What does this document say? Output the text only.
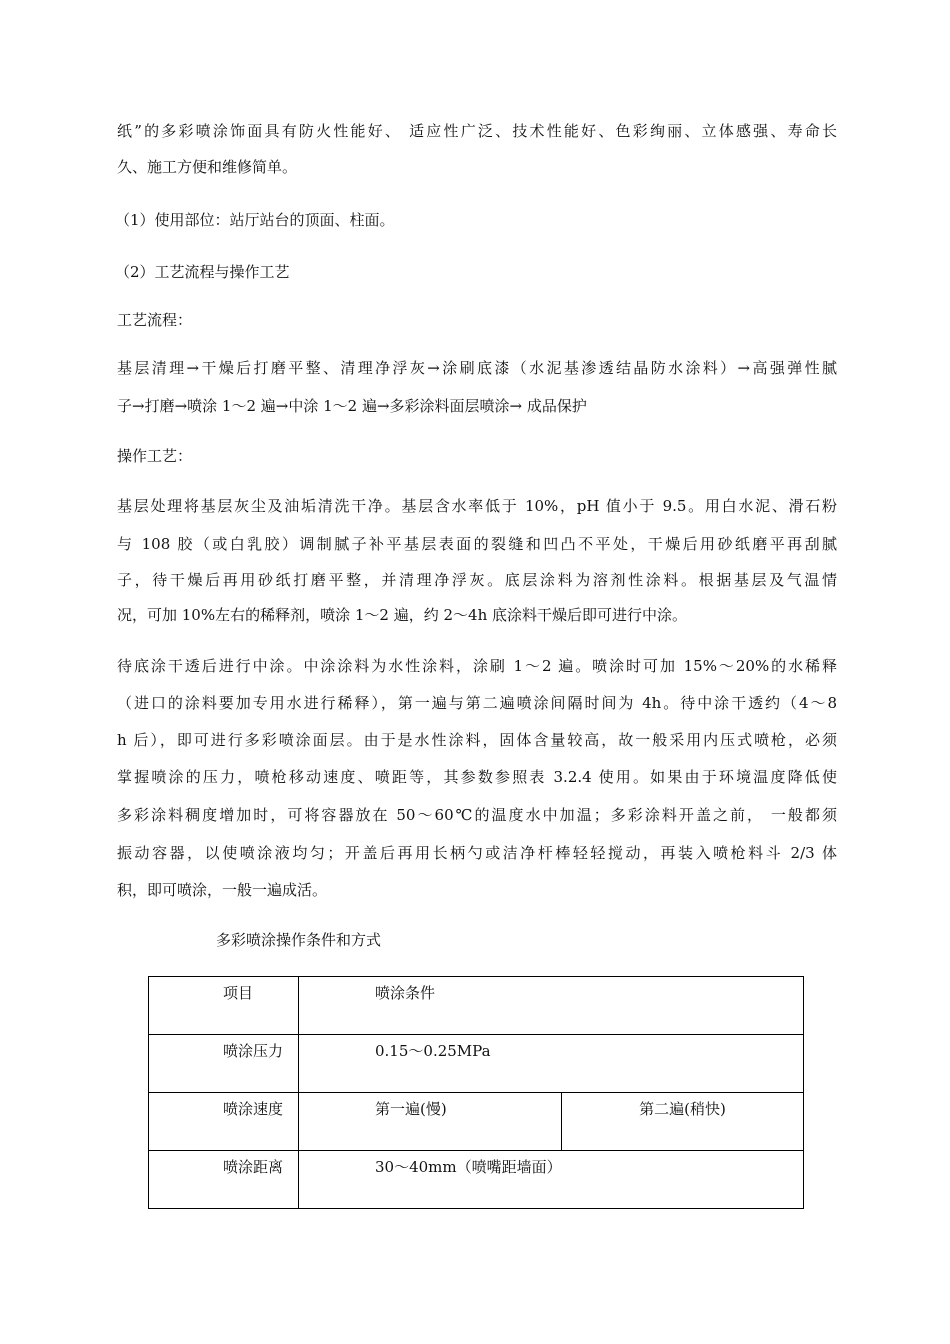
纸”的多彩喷涂饰面具有防火性能好、 适应性广泛、技术性能好、色彩绚丽、立体感强、寿命长
久、施工方便和维修简单。
（1）使用部位：站厅站台的顶面、柱面。
（2）工艺流程与操作工艺
工艺流程：
基层清理→干燥后打磨平整、清理净浮灰→涂刷底漆（水泥基渗透结晶防水涂料）→高强弹性腻
子→打磨→喷涂 1～2 遍→中涂 1～2 遍→多彩涂料面层喷涂→ 成品保护
操作工艺：
基层处理将基层灰尘及油垢清洗干净。基层含水率低于 10%，pH 值小于 9.5。用白水泥、滑石粉
与 108 胶（或白乳胶）调制腻子补平基层表面的裂缝和凹凸不平处，干燥后用砂纸磨平再刮腻
子，待干燥后再用砂纸打磨平整，并清理净浮灰。底层涂料为溶剂性涂料。根据基层及气温情
况，可加 10%左右的稀释剂，喷涂 1～2 遍，约 2～4h 底涂料干燥后即可进行中涂。
待底涂干透后进行中涂。中涂涂料为水性涂料，涂刷 1～2 遍。喷涂时可加 15%～20%的水稀释
（进口的涂料要加专用水进行稀释），第一遍与第二遍喷涂间隔时间为 4h。待中涂干透约（4～8
h 后），即可进行多彩喷涂面层。由于是水性涂料，固体含量较高，故一般采用内压式喷枪，必须
掌握喷涂的压力，喷枪移动速度、喷距等，其参数参照表 3.2.4 使用。如果由于环境温度降低使
多彩涂料稠度增加时，可将容器放在 50～60℃的温度水中加温；多彩涂料开盖之前， 一般都须
振动容器，以使喷涂液均匀；开盖后再用长柄勺或洁净杆棒轻轻搅动，再装入喷枪料斗 2/3 体
积，即可喷涂，一般一遍成活。
多彩喷涂操作条件和方式
项目	喷涂条件	
喷涂压力	0.15～0.25MPa	
喷涂速度	第一遍(慢)	第二遍(稍快)
喷涂距离	30～40mm（喷嘴距墙面）	
